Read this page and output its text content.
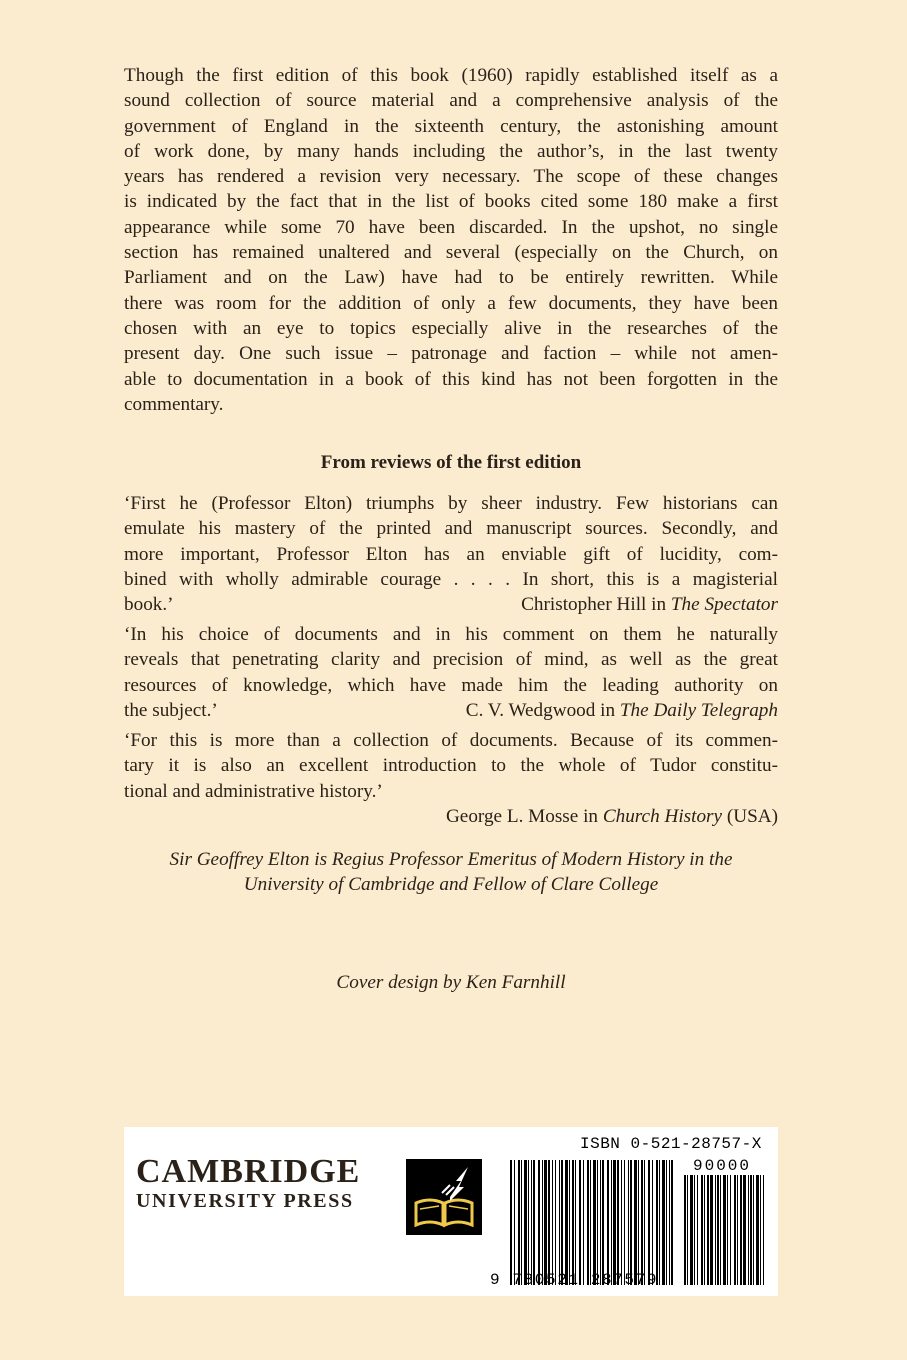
Though the first edition of this book (1960) rapidly established itself as a
sound collection of source material and a comprehensive analysis of the
government of England in the sixteenth century, the astonishing amount
of work done, by many hands including the author’s, in the last twenty
years has rendered a revision very necessary. The scope of these changes
is indicated by the fact that in the list of books cited some 180 make a first
appearance while some 70 have been discarded. In the upshot, no single
section has remained unaltered and several (especially on the Church, on
Parliament and on the Law) have had to be entirely rewritten. While
there was room for the addition of only a few documents, they have been
chosen with an eye to topics especially alive in the researches of the
present day. One such issue – patronage and faction – while not amen-
able to documentation in a book of this kind has not been forgotten in the
commentary.

From reviews of the first edition

‘First he (Professor Elton) triumphs by sheer industry. Few historians can
emulate his mastery of the printed and manuscript sources. Secondly, and
more important, Professor Elton has an enviable gift of lucidity, com-
bined with wholly admirable courage . . . . In short, this is a magisterial
book.’	Christopher Hill in The Spectator
‘In his choice of documents and in his comment on them he naturally
reveals that penetrating clarity and precision of mind, as well as the great
resources of knowledge, which have made him the leading authority on
the subject.’	C. V. Wedgwood in The Daily Telegraph
‘For this is more than a collection of documents. Because of its commen-
tary it is also an excellent introduction to the whole of Tudor constitu-
tional and administrative history.’
George L. Mosse in Church History (USA)
Sir Geoffrey Elton is Regius Professor Emeritus of Modern History in the
University of Cambridge and Fellow of Clare College

Cover design by Ken Farnhill

CAMBRIDGE
UNIVERSITY PRESS
ISBN 0-521-28757-X
90000
9 780521 287579
